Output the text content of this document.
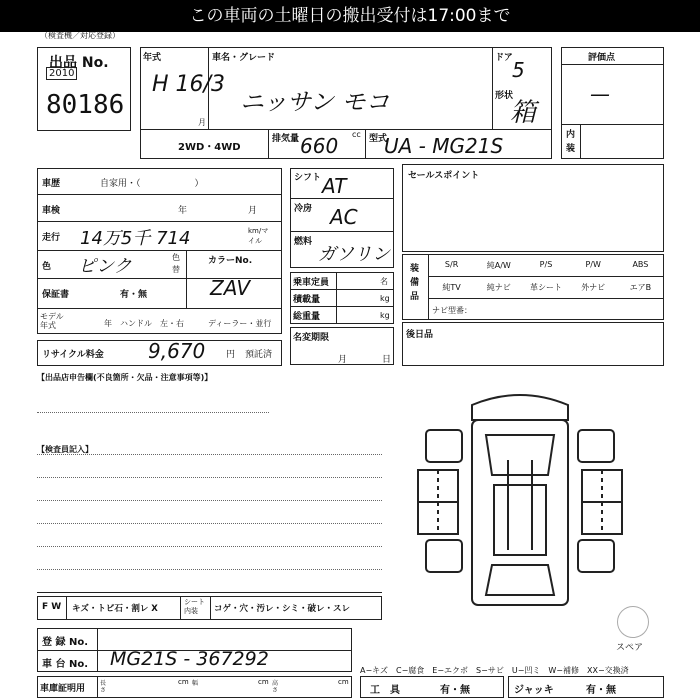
この車両の土曜日の搬出受付は17:00まで
（検査機／対応登録）
出品 No.
2010
80186
年式
H 16/3
月
車名・グレード
ニッサン モコ
ドア 5
形状
箱
2WD・4WD
排気量 660 cc 型式
UA - MG21S
評価点
—
内装
車歴	自家用・（　　　　　　）
車検	年	月
走行 14万5千 714	km/マイル
色 ピンク	色替
カラーNo.
ZAV
保証書	有・無
モデル年式	年 ハンドル　左・右	ディーラー・並行
リサイクル料金 9,670 円 預託済
シフト AT
冷房 AC
燃料
ガソリン
乗車定員	名
積載量	kg
総重量	kg
名変期限
月	日
セールスポイント
装備品
S/R	純A/W	P/S	P/W	ABS
純TV	純ナビ	革シート	外ナビ	エアB
ナビ型番：
後日品
【出品店申告欄(不良箇所・欠品・注意事項等)】
【検査員記入】
スペア
F W キズ・トビ石・割レ X
シート内装	コゲ・穴・汚レ・シミ・破レ・スレ
登 録 No.
車 台 No. MG21S - 367292
A−キズ　C−腐食　E−エクボ　S−サビ　U−凹ミ　W−補修　XX−交換済
車庫証明用
長さ
cm 幅	cm 高さ
cm
工　具	有・無	ジャッキ	有・無
